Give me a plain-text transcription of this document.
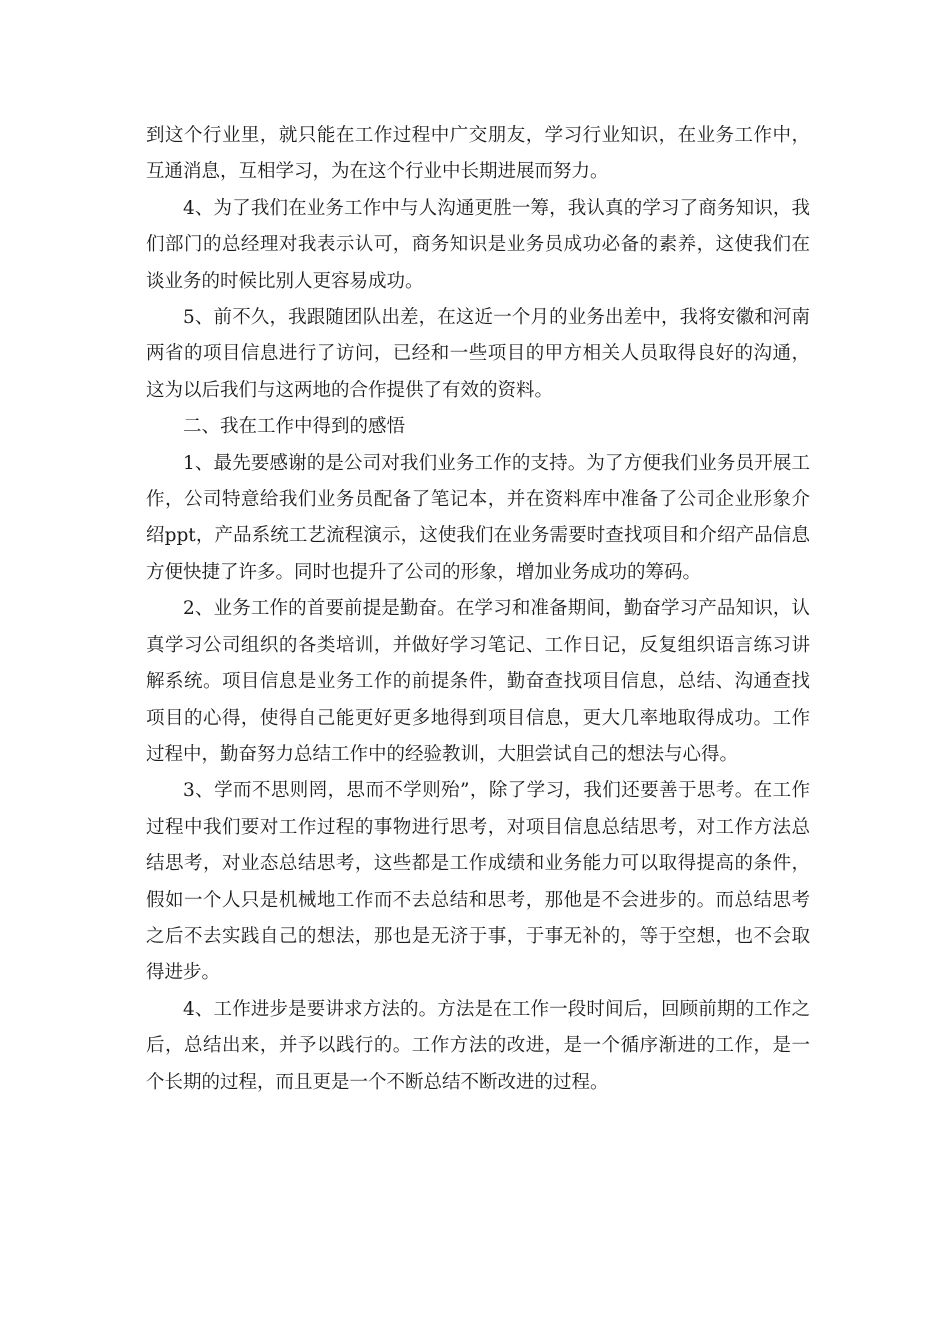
到这个行业里，就只能在工作过程中广交朋友，学习行业知识，在业务工作中，互通消息，互相学习，为在这个行业中长期进展而努力。

4、为了我们在业务工作中与人沟通更胜一筹，我认真的学习了商务知识，我们部门的总经理对我表示认可，商务知识是业务员成功必备的素养，这使我们在谈业务的时候比别人更容易成功。

5、前不久，我跟随团队出差，在这近一个月的业务出差中，我将安徽和河南两省的项目信息进行了访问，已经和一些项目的甲方相关人员取得良好的沟通，这为以后我们与这两地的合作提供了有效的资料。

二、我在工作中得到的感悟

1、最先要感谢的是公司对我们业务工作的支持。为了方便我们业务员开展工作，公司特意给我们业务员配备了笔记本，并在资料库中准备了公司企业形象介绍ppt，产品系统工艺流程演示，这使我们在业务需要时查找项目和介绍产品信息方便快捷了许多。同时也提升了公司的形象，增加业务成功的筹码。

2、业务工作的首要前提是勤奋。在学习和准备期间，勤奋学习产品知识，认真学习公司组织的各类培训，并做好学习笔记、工作日记，反复组织语言练习讲解系统。项目信息是业务工作的前提条件，勤奋查找项目信息，总结、沟通查找项目的心得，使得自己能更好更多地得到项目信息，更大几率地取得成功。工作过程中，勤奋努力总结工作中的经验教训，大胆尝试自己的想法与心得。

3、学而不思则罔，思而不学则殆”，除了学习，我们还要善于思考。在工作过程中我们要对工作过程的事物进行思考，对项目信息总结思考，对工作方法总结思考，对业态总结思考，这些都是工作成绩和业务能力可以取得提高的条件，假如一个人只是机械地工作而不去总结和思考，那他是不会进步的。而总结思考之后不去实践自己的想法，那也是无济于事，于事无补的，等于空想，也不会取得进步。

4、工作进步是要讲求方法的。方法是在工作一段时间后，回顾前期的工作之后，总结出来，并予以践行的。工作方法的改进，是一个循序渐进的工作，是一个长期的过程，而且更是一个不断总结不断改进的过程。
